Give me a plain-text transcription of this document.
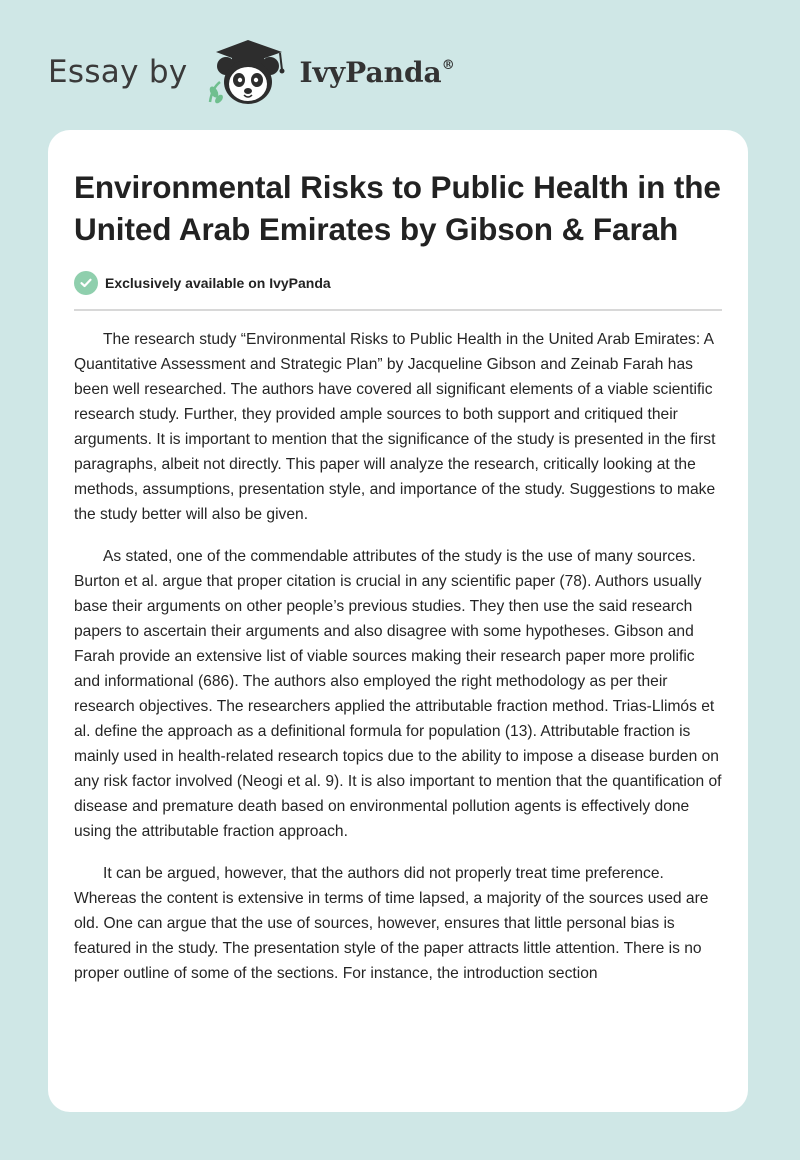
Essay by	IvyPanda®
Environmental Risks to Public Health in the United Arab Emirates by Gibson & Farah
Exclusively available on IvyPanda

The research study “Environmental Risks to Public Health in the United Arab Emirates: A Quantitative Assessment and Strategic Plan” by Jacqueline Gibson and Zeinab Farah has been well researched. The authors have covered all significant elements of a viable scientific research study. Further, they provided ample sources to both support and critiqued their arguments. It is important to mention that the significance of the study is presented in the first paragraphs, albeit not directly. This paper will analyze the research, critically looking at the methods, assumptions, presentation style, and importance of the study. Suggestions to make the study better will also be given.

As stated, one of the commendable attributes of the study is the use of many sources. Burton et al. argue that proper citation is crucial in any scientific paper (78). Authors usually base their arguments on other people’s previous studies. They then use the said research papers to ascertain their arguments and also disagree with some hypotheses. Gibson and Farah provide an extensive list of viable sources making their research paper more prolific and informational (686). The authors also employed the right methodology as per their research objectives. The researchers applied the attributable fraction method. Trias-Llimós et al. define the approach as a definitional formula for population (13). Attributable fraction is mainly used in health-related research topics due to the ability to impose a disease burden on any risk factor involved (Neogi et al. 9). It is also important to mention that the quantification of disease and premature death based on environmental pollution agents is effectively done using the attributable fraction approach.

It can be argued, however, that the authors did not properly treat time preference. Whereas the content is extensive in terms of time lapsed, a majority of the sources used are old. One can argue that the use of sources, however, ensures that little personal bias is featured in the study. The presentation style of the paper attracts little attention. There is no proper outline of some of the sections. For instance, the introduction section
